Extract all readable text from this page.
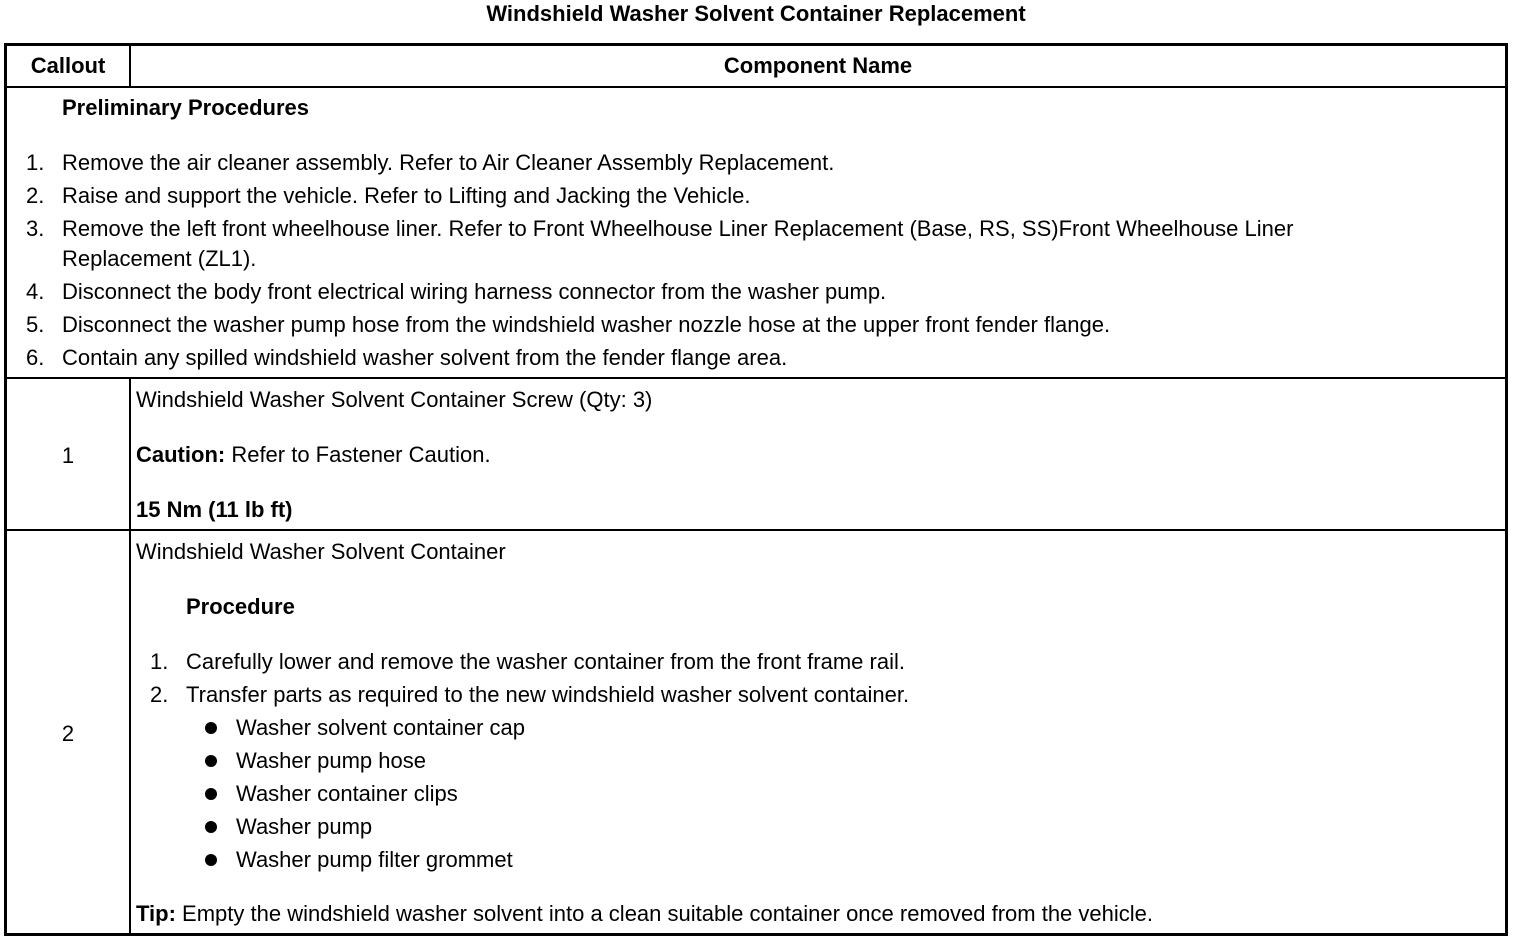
Windshield Washer Solvent Container Replacement
Callout	Component Name
Preliminary Procedures
1. Remove the air cleaner assembly. Refer to Air Cleaner Assembly Replacement.
2. Raise and support the vehicle. Refer to Lifting and Jacking the Vehicle.
3. Remove the left front wheelhouse liner. Refer to Front Wheelhouse Liner Replacement (Base, RS, SS)Front Wheelhouse Liner
Replacement (ZL1).
4. Disconnect the body front electrical wiring harness connector from the washer pump.
5. Disconnect the washer pump hose from the windshield washer nozzle hose at the upper front fender flange.
6. Contain any spilled windshield washer solvent from the fender flange area.
1
Windshield Washer Solvent Container Screw (Qty: 3)
Caution: Refer to Fastener Caution.
15 Nm (11 lb ft)
2
Windshield Washer Solvent Container
Procedure
1. Carefully lower and remove the washer container from the front frame rail.
2. Transfer parts as required to the new windshield washer solvent container.
Washer solvent container cap
Washer pump hose
Washer container clips
Washer pump
Washer pump filter grommet
Tip: Empty the windshield washer solvent into a clean suitable container once removed from the vehicle.
